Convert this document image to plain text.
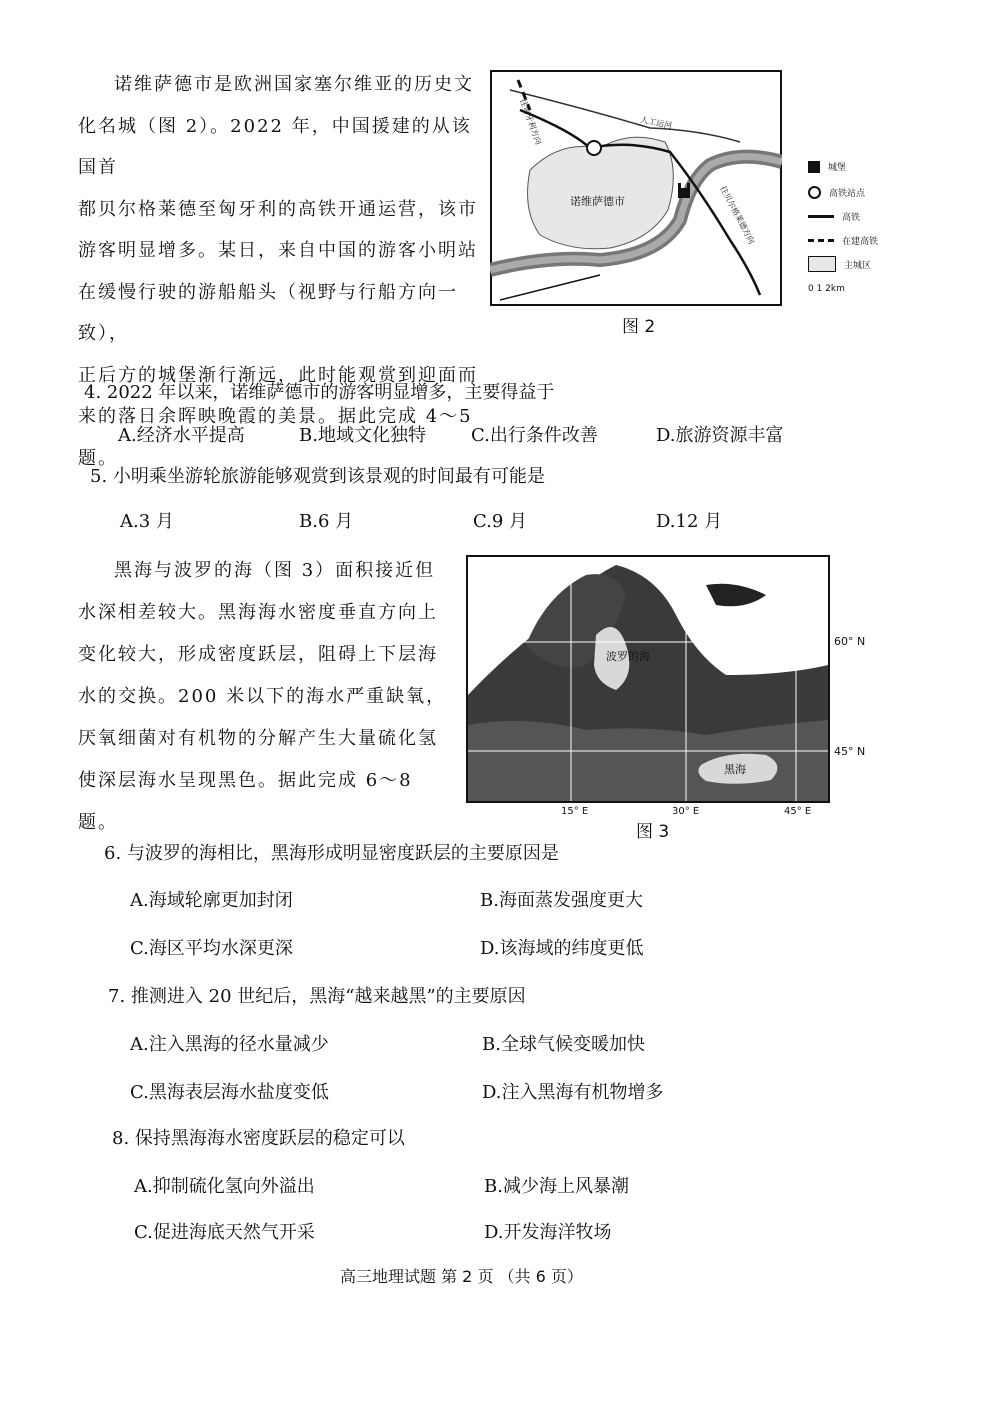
诺维萨德市是欧洲国家塞尔维亚的历史文
化名城（图 2）。2022 年，中国援建的从该国首
都贝尔格莱德至匈牙利的高铁开通运营，该市
游客明显增多。某日，来自中国的游客小明站
在缓慢行驶的游船船头（视野与行船方向一致），
正后方的城堡渐行渐远，此时能观赏到迎面而
来的落日余晖映晚霞的美景。据此完成 4～5 题。
诺维萨德市
人工运河
往匈牙利方向
往贝尔格莱德方向
图 2
城堡
高铁站点
高铁
在建高铁
主城区
0 1 2km
4. 2022 年以来，诺维萨德市的游客明显增多，主要得益于
A.经济水平提高	B.地域文化独特	C.出行条件改善	D.旅游资源丰富
5. 小明乘坐游轮旅游能够观赏到该景观的时间最有可能是
A.3 月	B.6 月	C.9 月	D.12 月
黑海与波罗的海（图 3）面积接近但
水深相差较大。黑海海水密度垂直方向上
变化较大，形成密度跃层，阻碍上下层海
水的交换。200 米以下的海水严重缺氧，
厌氧细菌对有机物的分解产生大量硫化氢
使深层海水呈现黑色。据此完成 6～8 题。
波罗的海
黑海
60° N
45° N
15° E	30° E	45° E
图 3
6. 与波罗的海相比，黑海形成明显密度跃层的主要原因是
A.海域轮廓更加封闭	B.海面蒸发强度更大
C.海区平均水深更深	D.该海域的纬度更低
7. 推测进入 20 世纪后，黑海“越来越黑”的主要原因
A.注入黑海的径水量减少	B.全球气候变暖加快
C.黑海表层海水盐度变低	D.注入黑海有机物增多
8. 保持黑海海水密度跃层的稳定可以
A.抑制硫化氢向外溢出	B.减少海上风暴潮
C.促进海底天然气开采	D.开发海洋牧场
高三地理试题 第 2 页 （共 6 页）
